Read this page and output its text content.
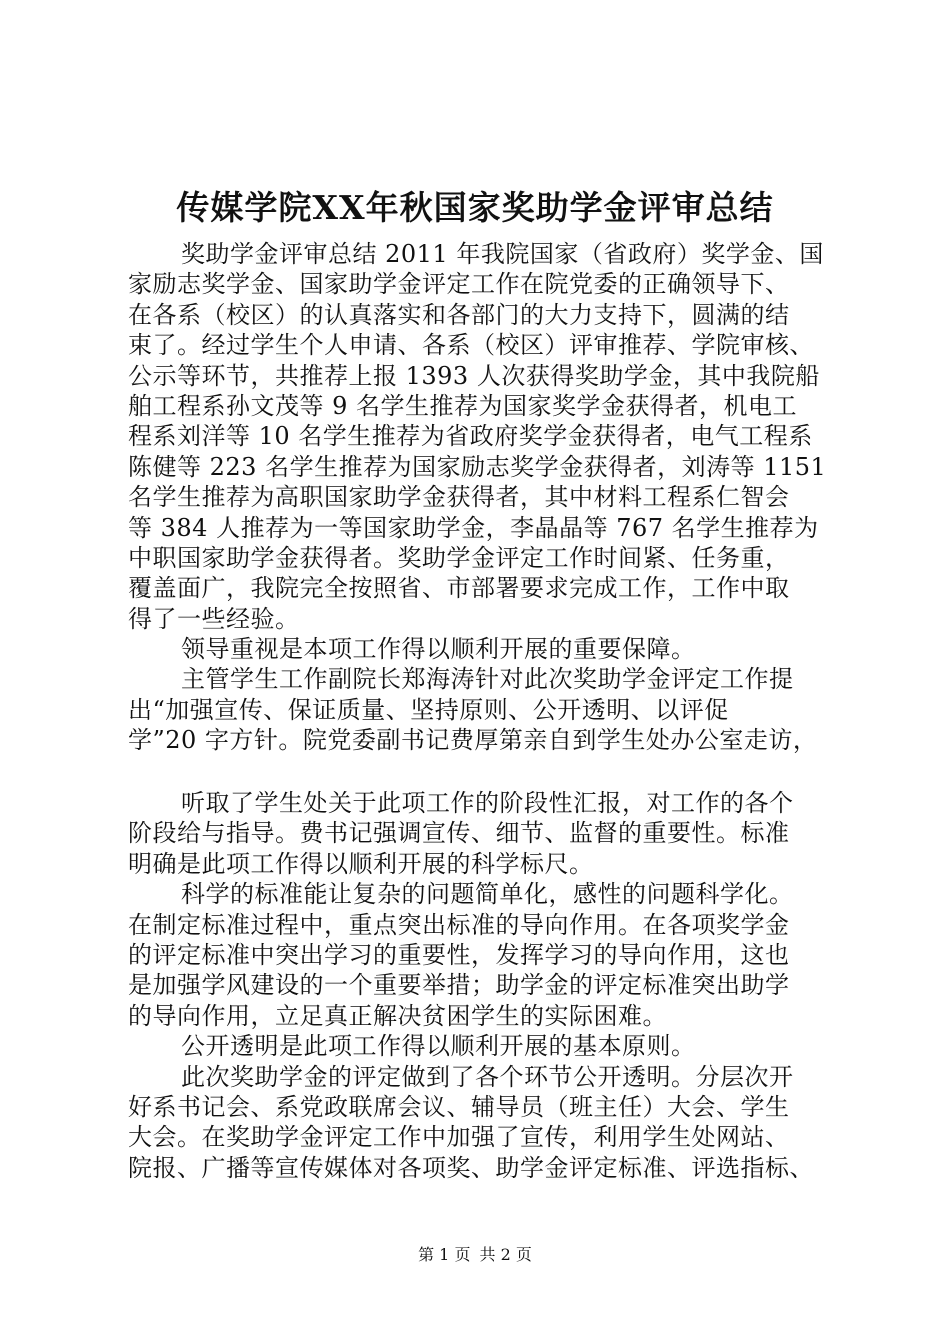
传媒学院XX年秋国家奖助学金评审总结
奖助学金评审总结 2011 年我院国家（省政府）奖学金、国
家励志奖学金、国家助学金评定工作在院党委的正确领导下、
在各系（校区）的认真落实和各部门的大力支持下，圆满的结
束了。经过学生个人申请、各系（校区）评审推荐、学院审核、
公示等环节，共推荐上报 1393 人次获得奖助学金，其中我院船
舶工程系孙文茂等 9 名学生推荐为国家奖学金获得者，机电工
程系刘洋等 10 名学生推荐为省政府奖学金获得者，电气工程系
陈健等 223 名学生推荐为国家励志奖学金获得者，刘涛等 1151
名学生推荐为高职国家助学金获得者，其中材料工程系仁智会
等 384 人推荐为一等国家助学金，李晶晶等 767 名学生推荐为
中职国家助学金获得者。奖助学金评定工作时间紧、任务重，
覆盖面广，我院完全按照省、市部署要求完成工作，工作中取
得了一些经验。
领导重视是本项工作得以顺利开展的重要保障。
主管学生工作副院长郑海涛针对此次奖助学金评定工作提
出“加强宣传、保证质量、坚持原则、公开透明、以评促
学”20 字方针。院党委副书记费厚第亲自到学生处办公室走访，
听取了学生处关于此项工作的阶段性汇报，对工作的各个
阶段给与指导。费书记强调宣传、细节、监督的重要性。标准
明确是此项工作得以顺利开展的科学标尺。
科学的标准能让复杂的问题简单化，感性的问题科学化。
在制定标准过程中，重点突出标准的导向作用。在各项奖学金
的评定标准中突出学习的重要性，发挥学习的导向作用，这也
是加强学风建设的一个重要举措；助学金的评定标准突出助学
的导向作用，立足真正解决贫困学生的实际困难。
公开透明是此项工作得以顺利开展的基本原则。
此次奖助学金的评定做到了各个环节公开透明。分层次开
好系书记会、系党政联席会议、辅导员（班主任）大会、学生
大会。在奖助学金评定工作中加强了宣传，利用学生处网站、
院报、广播等宣传媒体对各项奖、助学金评定标准、评选指标、
第 1 页 共 2 页
